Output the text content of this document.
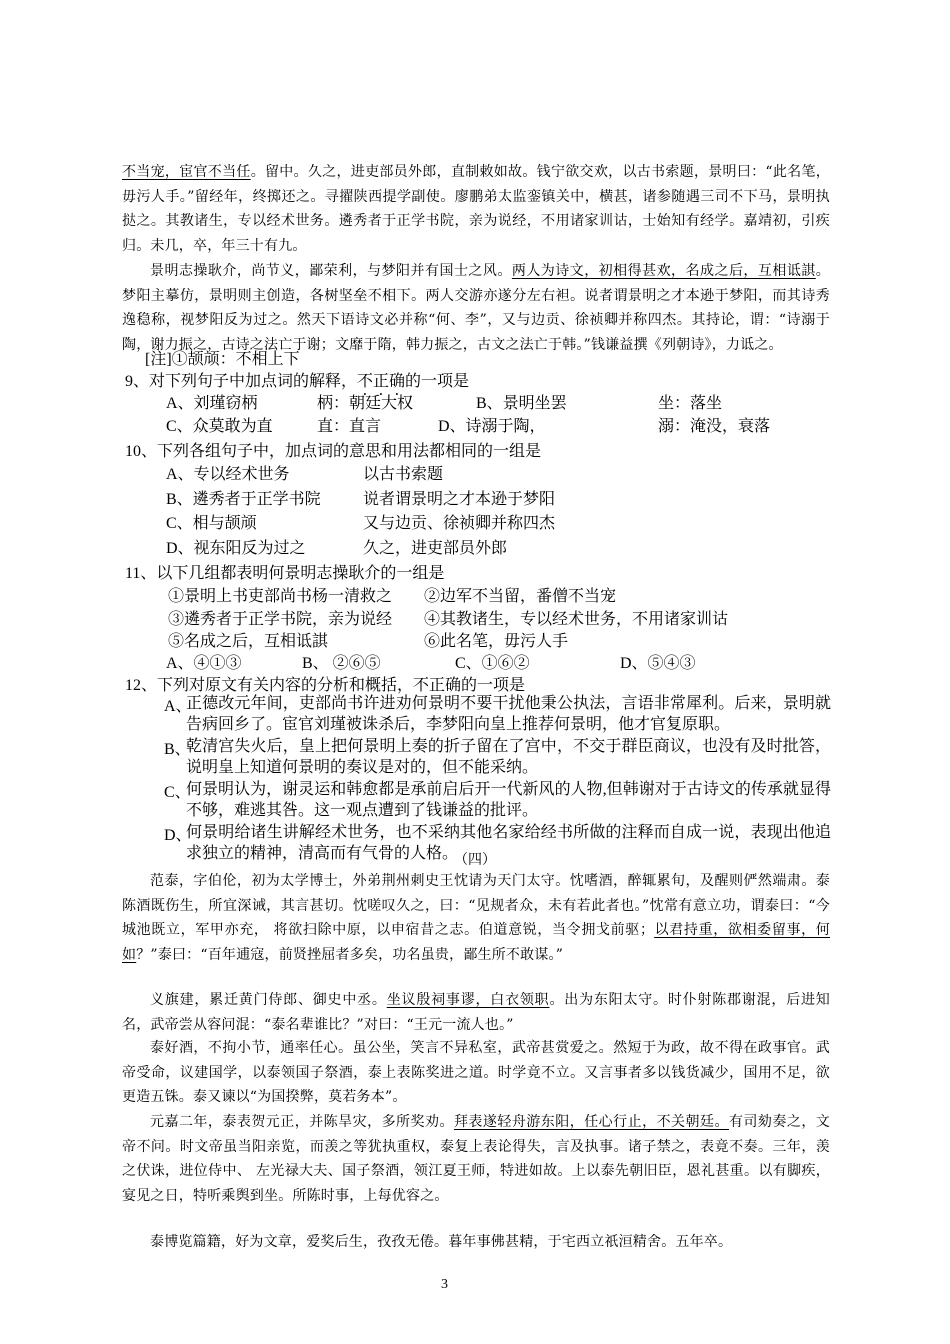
不当宠，宦官不当任。留中。久之，进吏部员外郎，直制敕如故。钱宁欲交欢，以古书索题，景明曰：“此名笔，毋污人手。”留经年，终掷还之。寻擢陕西提学副使。廖鹏弟太监銮镇关中，横甚，诸参随遇三司不下马，景明执挞之。其教诸生，专以经术世务。遴秀者于正学书院，亲为说经，不用诸家训诂，士始知有经学。嘉靖初，引疾归。未几，卒，年三十有九。

景明志操耿介，尚节义，鄙荣利，与梦阳并有国士之风。两人为诗文，初相得甚欢，名成之后，互相诋諆。梦阳主摹仿，景明则主创造，各树坚垒不相下。两人交游亦遂分左右袒。说者谓景明之才本逊于梦阳，而其诗秀逸稳称，视梦阳反为过之。然天下语诗文必并称“何、李”，又与边贡、徐祯卿并称四杰。其持论，谓：“诗溺于陶，谢力振之，古诗之法亡于谢；文靡于隋，韩力振之，古文之法亡于韩。”钱谦益撰《列朝诗》，力诋之。

[注]①颉颃：不相上下
9、对下列句子中加点词的解释，不正确的一项是
A、刘瑾窃柄	柄：朝廷大权	B、景明坐罢	坐：落坐
C、众莫敢为直	直：直言	D、诗溺于陶，	溺：淹没，衰落
10、下列各组句子中，加点词的意思和用法都相同的一组是
A、专以经术世务	以古书索题
B、遴秀者于正学书院	说者谓景明之才本逊于梦阳
C、相与颉颃	又与边贡、徐祯卿并称四杰
D、视东阳反为过之	久之，进吏部员外郎
11、以下几组都表明何景明志操耿介的一组是
①景明上书吏部尚书杨一清救之 ②边军不当留，番僧不当宠
③遴秀者于正学书院，亲为说经 ④其教诸生，专以经术世务，不用诸家训诂
⑤名成之后，互相诋諆	⑥此名笔，毋污人手
A、④①③	B、 ②⑥⑤	C、①⑥②	D、⑤④③
12、下列对原文有关内容的分析和概括，不正确的一项是
A、

正德改元年间，吏部尚书许进劝何景明不要干扰他秉公执法，言语非常犀利。后来，景明就告病回乡了。宦官刘瑾被诛杀后，李梦阳向皇上推荐何景明，他才官复原职。

B、

乾清宫失火后，皇上把何景明上奏的折子留在了宫中，不交于群臣商议，也没有及时批答，说明皇上知道何景明的奏议是对的，但不能采纳。

C、

何景明认为，谢灵运和韩愈都是承前启后开一代新风的人物,但韩谢对于古诗文的传承就显得不够，难逃其咎。这一观点遭到了钱谦益的批评。

D、

何景明给诸生讲解经术世务，也不采纳其他名家给经书所做的注释而自成一说，表现出他追求独立的精神，清高而有气骨的人格。

（四）

范泰，字伯伦，初为太学博士，外弟荆州刺史王忱请为天门太守。忱嗜酒，醉辄累旬，及醒则俨然端肃。泰陈酒既伤生，所宜深诫，其言甚切。忱嗟叹久之，曰：“见规者众，未有若此者也。”忱常有意立功，谓泰曰：“今城池既立，军甲亦充， 将欲扫除中原，以申宿昔之志。伯道意锐，当令拥戈前驱；以君持重，欲相委留事，何如？”泰曰：“百年逋寇，前贤挫屈者多矣，功名虽贵，鄙生所不敢谋。”

义旗建，累迁黄门侍郎、御史中丞。坐议殷祠事谬，白衣领职。出为东阳太守。时仆射陈郡谢混，后进知名，武帝尝从容问混：“泰名辈谁比？”对曰：“王元一流人也。”

泰好酒，不拘小节，通率任心。虽公坐，笑言不异私室，武帝甚赏爱之。然短于为政，故不得在政事官。武帝受命，议建国学，以泰领国子祭酒，泰上表陈奖进之道。时学竟不立。又言事者多以钱货减少，国用不足，欲更造五铢。泰又谏以“为国揆弊，莫若务本”。

元嘉二年，泰表贺元正，并陈旱灾，多所奖劝。拜表遂轻舟游东阳，任心行止，不关朝廷。有司劾奏之，文帝不问。时文帝虽当阳亲览，而羡之等犹执重权，泰复上表论得失，言及执事。诸子禁之，表竟不奏。三年，羡之伏诛，进位侍中、 左光禄大夫、国子祭酒，领江夏王师，特进如故。上以泰先朝旧臣，恩礼甚重。以有脚疾，宴见之日，特听乘舆到坐。所陈时事，上每优容之。

泰博览篇籍，好为文章，爱奖后生，孜孜无倦。暮年事佛甚精，于宅西立祇洹精舍。五年卒。

3
